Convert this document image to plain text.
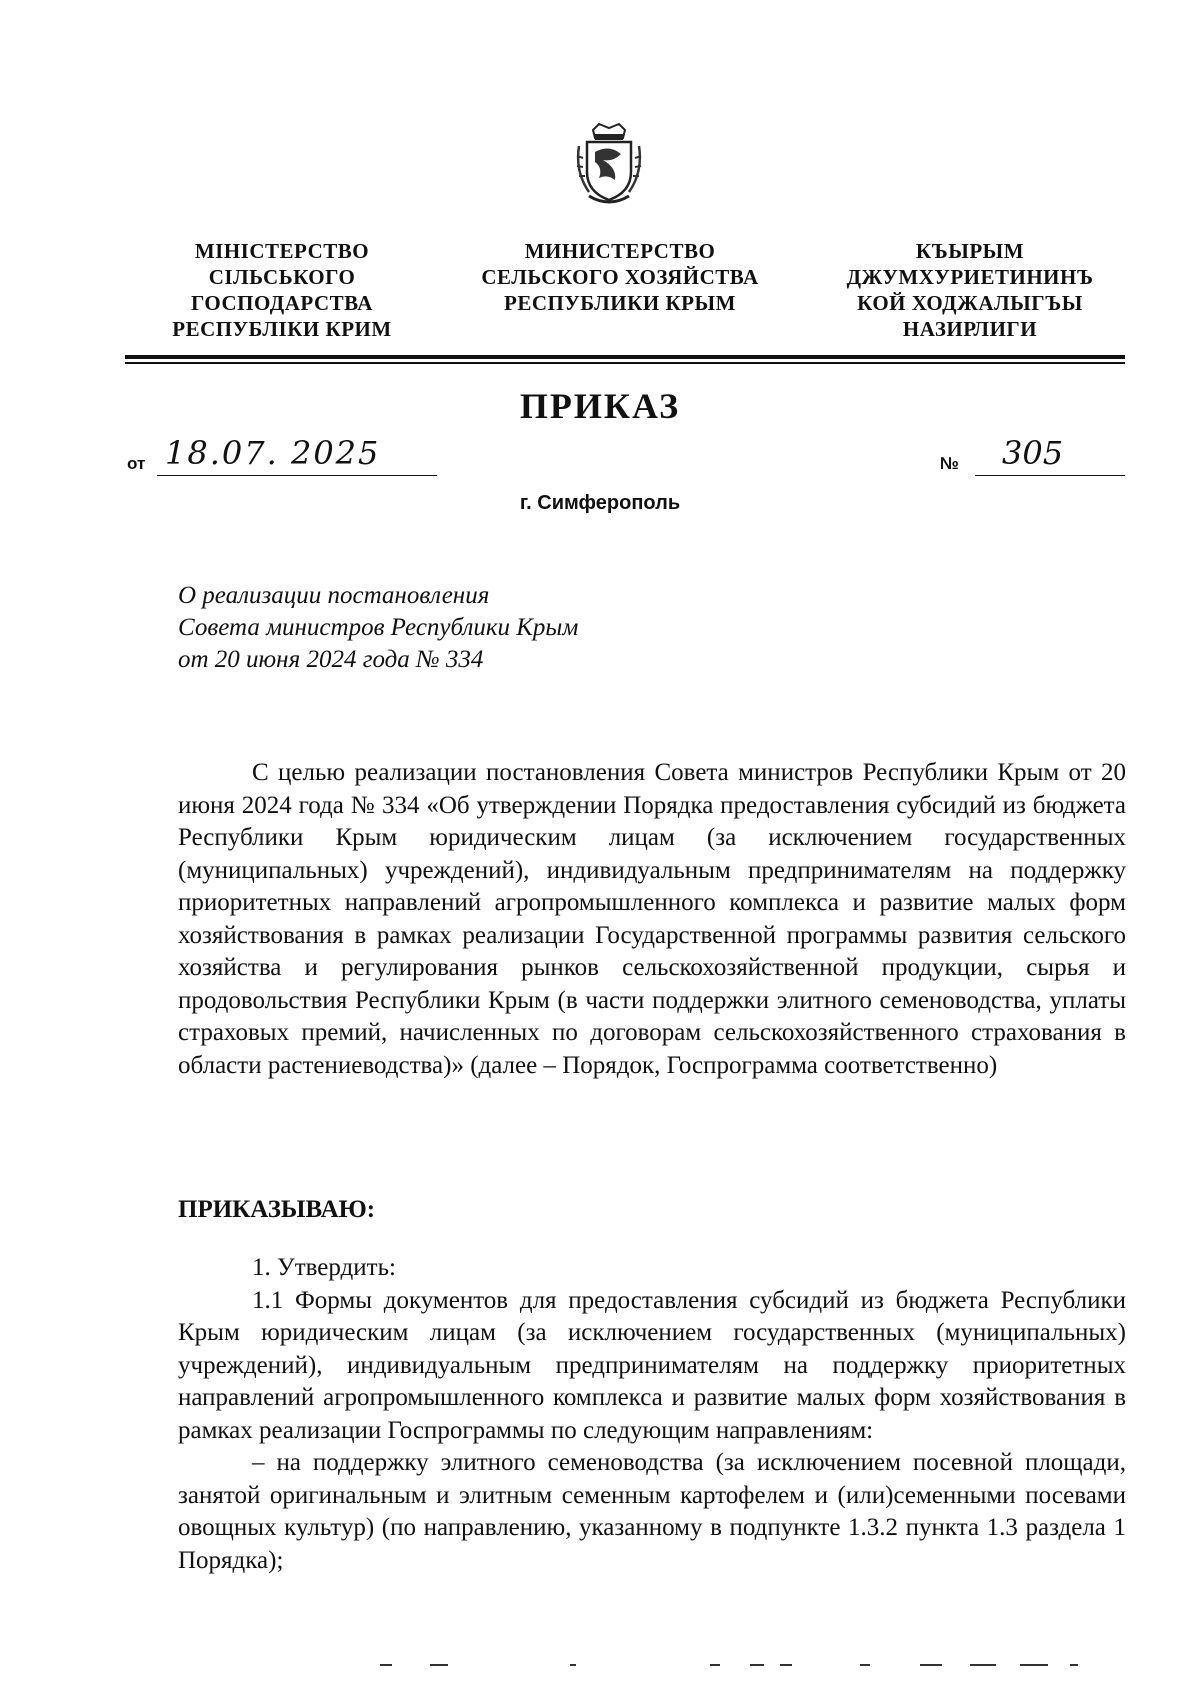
МІНІСТЕРСТВО
СІЛЬСЬКОГО
ГОСПОДАРСТВА
РЕСПУБЛІКИ КРИМ
МИНИСТЕРСТВО
СЕЛЬСКОГО ХОЗЯЙСТВА
РЕСПУБЛИКИ КРЫМ
КЪЫРЫМ
ДЖУМХУРИЕТИНИНЪ
КОЙ ХОДЖАЛЫГЪЫ
НАЗИРЛИГИ
ПРИКАЗ
от 18.07. 2025	№ 305
г. Симферополь
О реализации постановления
Совета министров Республики Крым
от 20 июня 2024 года № 334

С целью реализации постановления Совета министров Республики Крым от 20 июня 2024 года № 334 «Об утверждении Порядка предоставления субсидий из бюджета Республики Крым юридическим лицам (за исключением государственных (муниципальных) учреждений), индивидуальным предпринимателям на поддержку приоритетных направлений агропромышленного комплекса и развитие малых форм хозяйствования в рамках реализации Государственной программы развития сельского хозяйства и регулирования рынков сельскохозяйственной продукции, сырья и продовольствия Республики Крым (в части поддержки элитного семеноводства, уплаты страховых премий, начисленных по договорам сельскохозяйственного страхования в области растениеводства)» (далее – Порядок, Госпрограмма соответственно)

ПРИКАЗЫВАЮ:

1. Утвердить:

1.1 Формы документов для предоставления субсидий из бюджета Республики Крым юридическим лицам (за исключением государственных (муниципальных) учреждений), индивидуальным предпринимателям на поддержку приоритетных направлений агропромышленного комплекса и развитие малых форм хозяйствования в рамках реализации Госпрограммы по следующим направлениям:

– на поддержку элитного семеноводства (за исключением посевной площади, занятой оригинальным и элитным семенным картофелем и (или)семенными посевами овощных культур) (по направлению, указанному в подпункте 1.3.2 пункта 1.3 раздела 1 Порядка);
